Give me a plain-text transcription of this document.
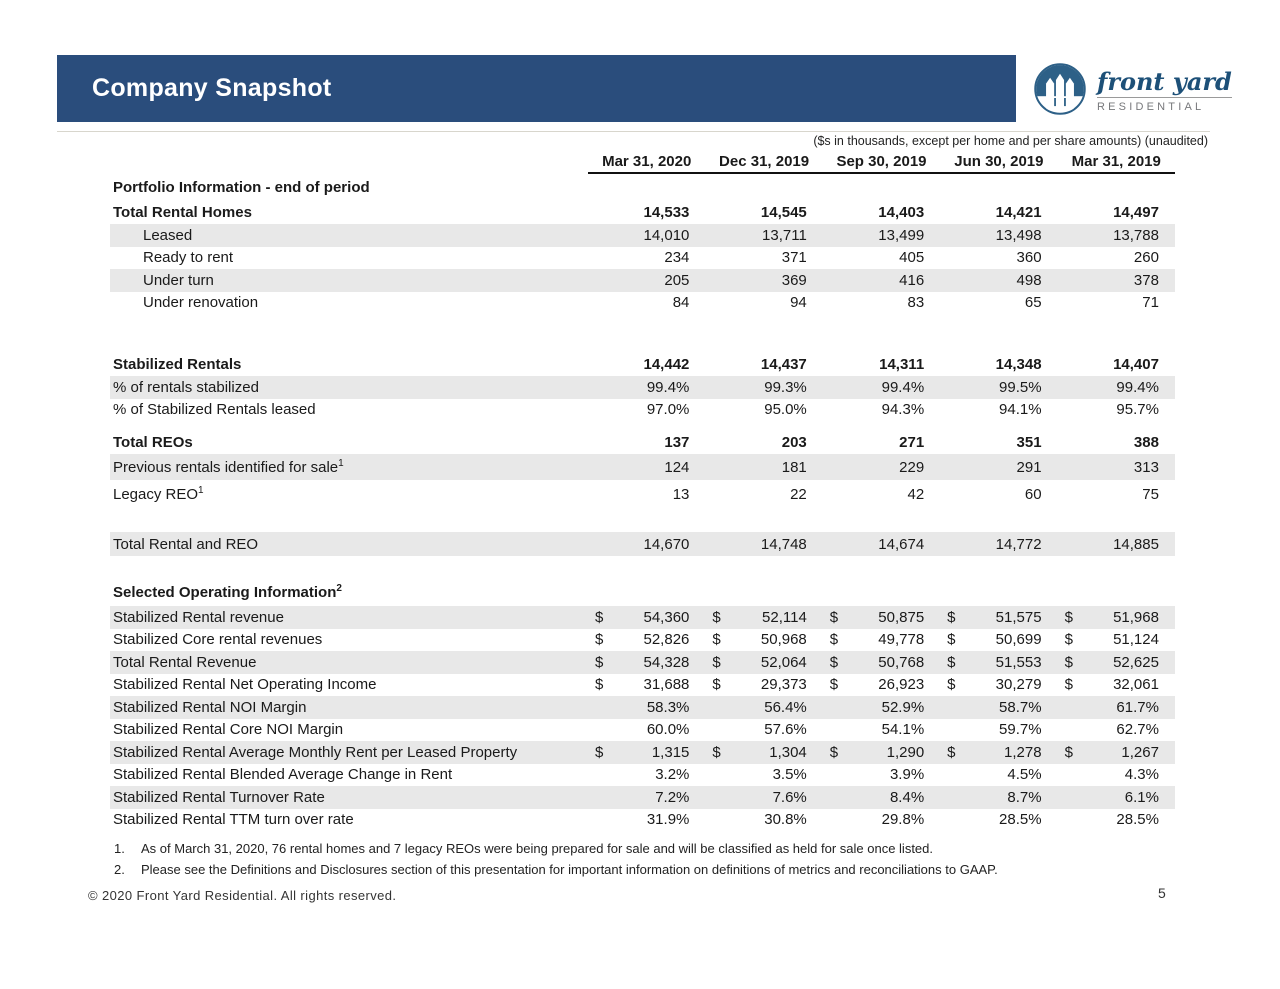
Company Snapshot	front yard
RESIDENTIAL
($s in thousands, except per home and per share amounts) (unaudited)
Mar 31, 2020	Dec 31, 2019	Sep 30, 2019	Jun 30, 2019	Mar 31, 2019
Portfolio Information - end of period
Total Rental Homes	14,533	14,545	14,403	14,421	14,497
Leased	14,010	13,711	13,499	13,498	13,788
Ready to rent	234	371	405	360	260
Under turn	205	369	416	498	378
Under renovation	84	94	83	65	71
Stabilized Rentals	14,442	14,437	14,311	14,348	14,407
% of rentals stabilized	99.4%	99.3%	99.4%	99.5%	99.4%
% of Stabilized Rentals leased	97.0%	95.0%	94.3%	94.1%	95.7%
Total REOs	137	203	271	351	388
Previous rentals identified for sale$^1$	124	181	229	291	313
Legacy REO$^1$	13	22	42	60	75
Total Rental and REO	14,670	14,748	14,674	14,772	14,885
Selected Operating Information$^2$
Stabilized Rental revenue	$	54,360	$	52,114	$	50,875	$	51,575	$	51,968
Stabilized Core rental revenues	$	52,826	$	50,968	$	49,778	$	50,699	$	51,124
Total Rental Revenue	$	54,328	$	52,064	$	50,768	$	51,553	$	52,625
Stabilized Rental Net Operating Income	$	31,688	$	29,373	$	26,923	$	30,279	$	32,061
Stabilized Rental NOI Margin	58.3%	56.4%	52.9%	58.7%	61.7%
Stabilized Rental Core NOI Margin	60.0%	57.6%	54.1%	59.7%	62.7%
Stabilized Rental Average Monthly Rent per Leased Property	$	1,315	$	1,304	$	1,290	$	1,278	$	1,267
Stabilized Rental Blended Average Change in Rent	3.2%	3.5%	3.9%	4.5%	4.3%
Stabilized Rental Turnover Rate	7.2%	7.6%	8.4%	8.7%	6.1%
Stabilized Rental TTM turn over rate	31.9%	30.8%	29.8%	28.5%	28.5%
1.	As of March 31, 2020, 76 rental homes and 7 legacy REOs were being prepared for sale and will be classified as held for sale once listed.
2.	Please see the Definitions and Disclosures section of this presentation for important information on definitions of metrics and reconciliations to GAAP.
© 2020 Front Yard Residential. All rights reserved.	5
